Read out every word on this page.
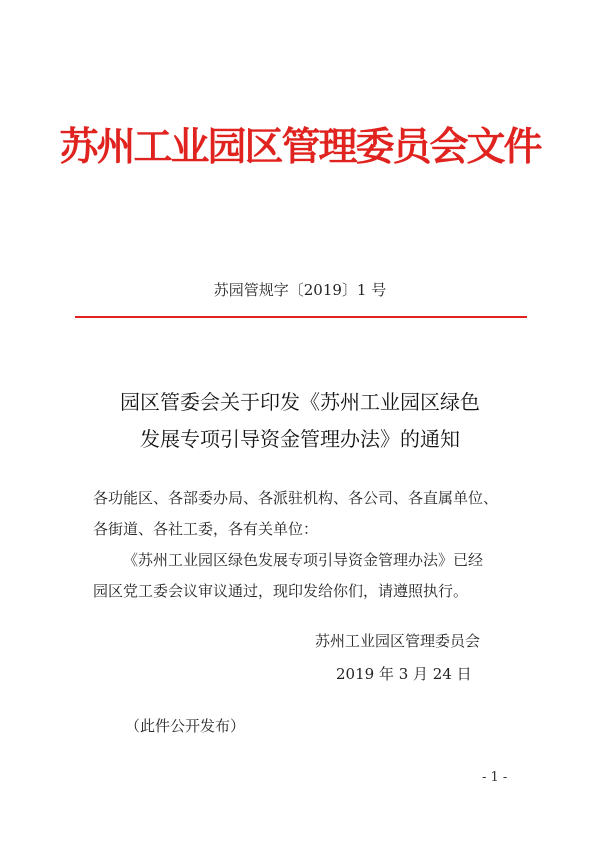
苏州工业园区管理委员会文件
苏园管规字〔2019〕1 号
园区管委会关于印发《苏州工业园区绿色
发展专项引导资金管理办法》的通知
各功能区、各部委办局、各派驻机构、各公司、各直属单位、
各街道、各社工委，各有关单位：
《苏州工业园区绿色发展专项引导资金管理办法》已经
园区党工委会议审议通过，现印发给你们，请遵照执行。
苏州工业园区管理委员会
2019 年 3 月 24 日
（此件公开发布）
- 1 -
